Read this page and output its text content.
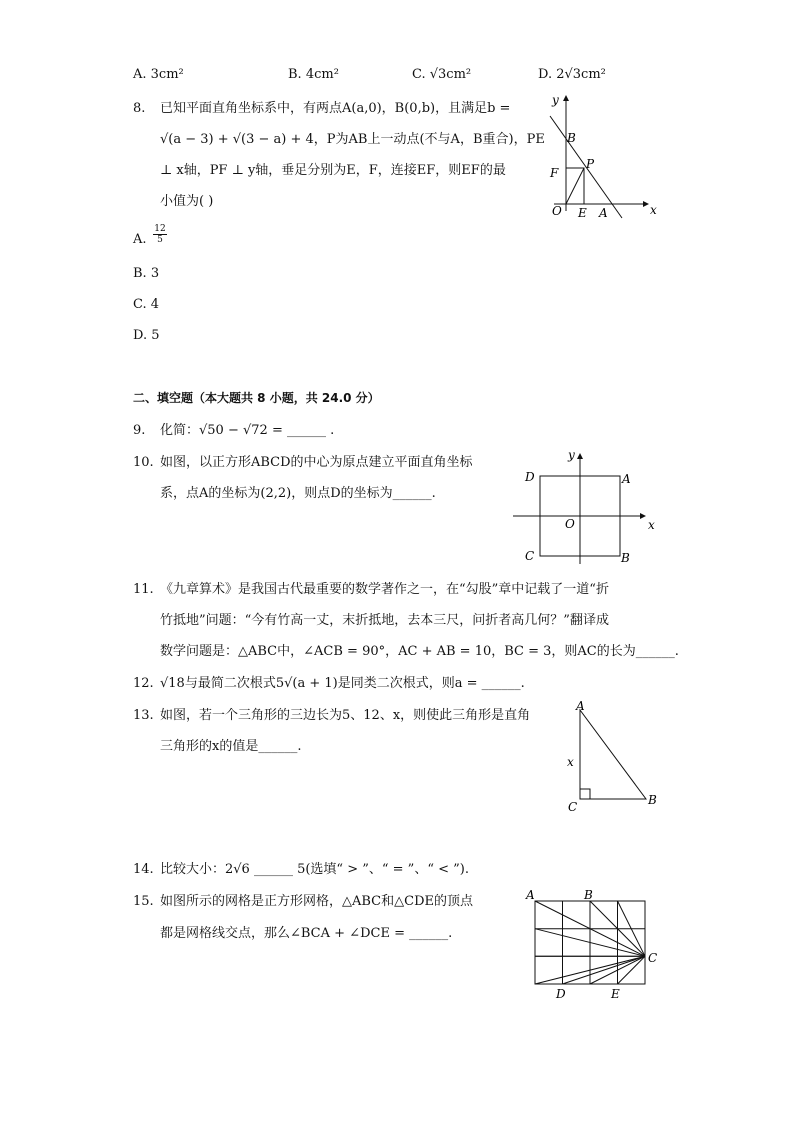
A. 3cm²	B. 4cm²	C. √3cm²	D. 2√3cm²
8. 已知平面直角坐标系中，有两点A(a,0)，B(0,b)，且满足b =
√(a − 3) + √(3 − a) + 4，P为AB上一动点(不与A，B重合)，PE
⊥ x轴，PF ⊥ y轴，垂足分别为E，F，连接EF，则EF的最
小值为( )
A. $\frac{12}{5}$
B. 3
C. 4
D. 5
y
x
B
P
F
O E A
二、填空题（本大题共 8 小题，共 24.0 分）
9. 化简：√50 − √72 = ______ .
10. 如图，以正方形ABCD的中心为原点建立平面直角坐标
系，点A的坐标为(2,2)，则点D的坐标为______.
y
x
D	A
O
C	B
11. 《九章算术》是我国古代最重要的数学著作之一，在“勾股”章中记载了一道“折
竹抵地”问题：“今有竹高一丈，末折抵地，去本三尺，问折者高几何？”翻译成
数学问题是：△ABC中，∠ACB = 90°，AC + AB = 10，BC = 3，则AC的长为______.
12. √18与最简二次根式5√(a + 1)是同类二次根式，则a = ______.
13. 如图，若一个三角形的三边长为5、12、x，则使此三角形是直角
三角形的x的值是______.
A
x
C	B
14. 比较大小：2√6 ______ 5(选填“ > ”、“ = ”、“ < ”).
15. 如图所示的网格是正方形网格，△ABC和△CDE的顶点
都是网格线交点，那么∠BCA + ∠DCE = ______.
A	B
C
D	E
